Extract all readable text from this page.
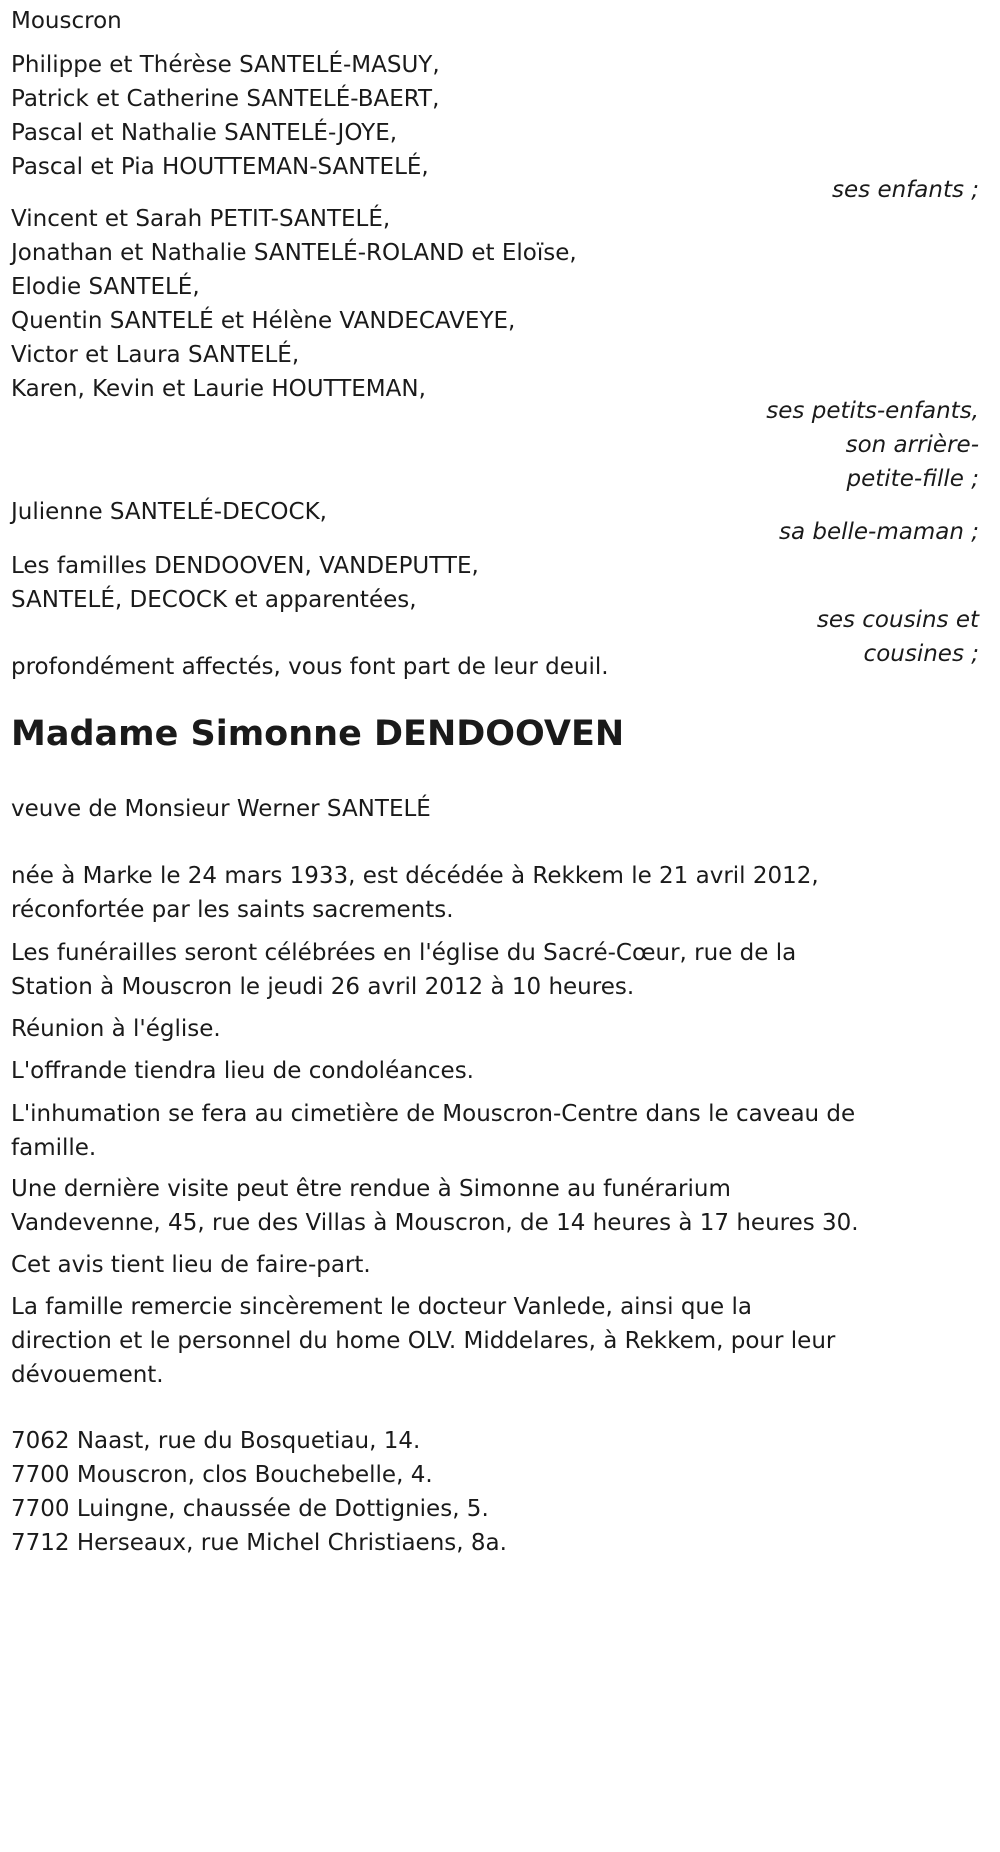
Mouscron
Philippe et Thérèse SANTELÉ-MASUY,
Patrick et Catherine SANTELÉ-BAERT,
Pascal et Nathalie SANTELÉ-JOYE,
Pascal et Pia HOUTTEMAN-SANTELÉ,
ses enfants ;
Vincent et Sarah PETIT-SANTELÉ,
Jonathan et Nathalie SANTELÉ-ROLAND et Eloïse,
Elodie SANTELÉ,
Quentin SANTELÉ et Hélène VANDECAVEYE,
Victor et Laura SANTELÉ,
Karen, Kevin et Laurie HOUTTEMAN,
ses petits-enfants,
son arrière-
petite-fille ;
Julienne SANTELÉ-DECOCK,
sa belle-maman ;
Les familles DENDOOVEN, VANDEPUTTE,
SANTELÉ, DECOCK et apparentées,
ses cousins et
cousines ;
profondément affectés, vous font part de leur deuil.
Madame Simonne DENDOOVEN
veuve de Monsieur Werner SANTELÉ
née à Marke le 24 mars 1933, est décédée à Rekkem le 21 avril 2012,
réconfortée par les saints sacrements.
Les funérailles seront célébrées en l'église du Sacré-Cœur, rue de la
Station à Mouscron le jeudi 26 avril 2012 à 10 heures.
Réunion à l'église.
L'offrande tiendra lieu de condoléances.
L'inhumation se fera au cimetière de Mouscron-Centre dans le caveau de
famille.
Une dernière visite peut être rendue à Simonne au funérarium
Vandevenne, 45, rue des Villas à Mouscron, de 14 heures à 17 heures 30.
Cet avis tient lieu de faire-part.
La famille remercie sincèrement le docteur Vanlede, ainsi que la
direction et le personnel du home OLV. Middelares, à Rekkem, pour leur
dévouement.
7062 Naast, rue du Bosquetiau, 14.
7700 Mouscron, clos Bouchebelle, 4.
7700 Luingne, chaussée de Dottignies, 5.
7712 Herseaux, rue Michel Christiaens, 8a.
